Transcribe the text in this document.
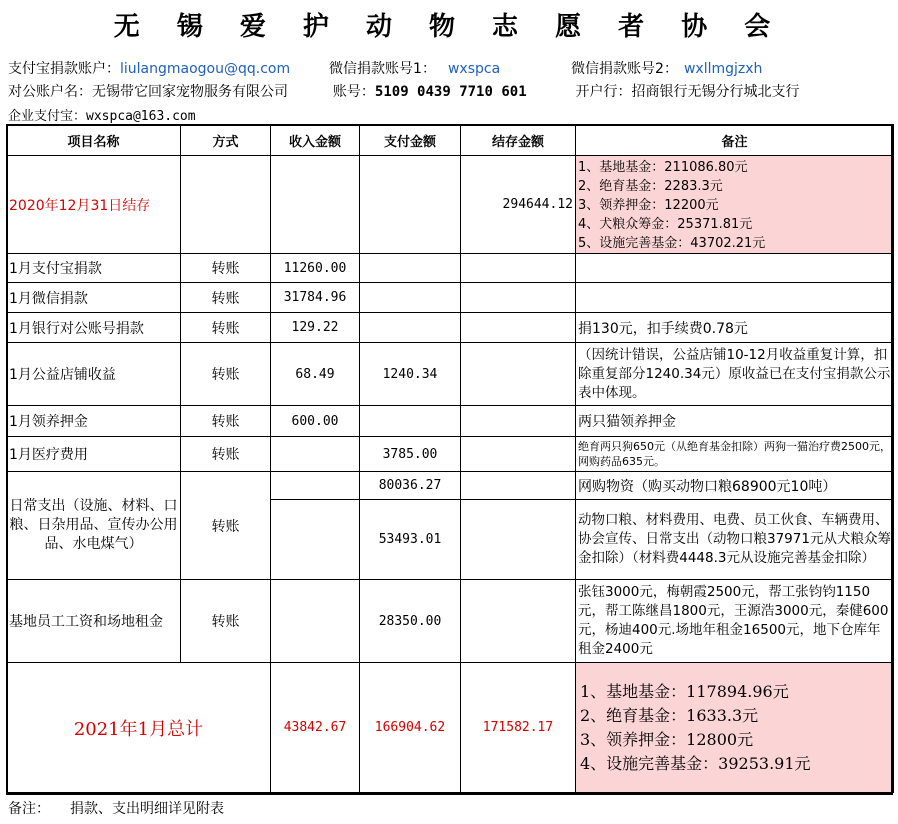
无 锡 爱 护 动 物 志 愿 者 协 会
支付宝捐款账户：liulangmaogou@qq.com	微信捐款账号1： wxspca	微信捐款账号2： wxllmgjzxh
对公账户名：无锡带它回家宠物服务有限公司	账号：5109 0439 7710 601	开户行：招商银行无锡分行城北支行
企业支付宝：wxspca@163.com
项目名称	方式	收入金额	支付金额	结存金额	备注
2020年12月31日结存				294644.12	1、基地基金：211086.80元
2、绝育基金：2283.3元
3、领养押金：12200元
4、犬粮众筹金：25371.81元
5、设施完善基金：43702.21元

1月支付宝捐款	转账	11260.00			
1月微信捐款	转账	31784.96			
1月银行对公账号捐款	转账	129.22			捐130元，扣手续费0.78元
1月公益店铺收益	转账	68.49	1240.34		（因统计错误，公益店铺10-12月收益重复计算，扣除重复部分1240.34元）原收益已在支付宝捐款公示表中体现。
1月领养押金	转账	600.00			两只猫领养押金
1月医疗费用	转账		3785.00		绝育两只狗650元（从绝育基金扣除）两狗一猫治疗费2500元，网购药品635元。
日常支出（设施、材料、口粮、日杂用品、宣传办公用品、水电煤气）	转账		80036.27		网购物资（购买动物口粮68900元10吨）
			53493.01		动物口粮、材料费用、电费、员工伙食、车辆费用、协会宣传、日常支出（动物口粮37971元从犬粮众筹金扣除）（材料费4448.3元从设施完善基金扣除）
基地员工工资和场地租金	转账		28350.00		张钰3000元，梅朝霞2500元，帮工张钧钧1150元，帮工陈继昌1800元，王源浩3000元，秦健600元，杨迪400元.场地年租金16500元，地下仓库年租金2400元
2021年1月总计		43842.67	166904.62	171582.17	1、基地基金：117894.96元
2、绝育基金：1633.3元
3、领养押金：12800元
4、设施完善基金：39253.91元
备注： 捐款、支出明细详见附表
